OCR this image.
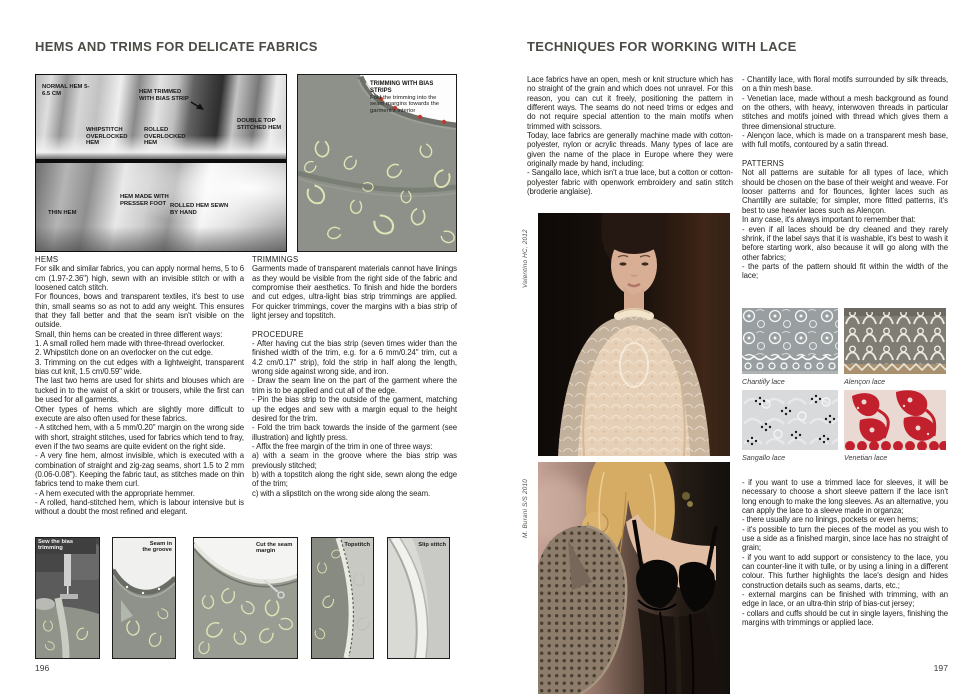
HEMS AND TRIMS FOR DELICATE FABRICS
NORMAL HEM 5-6.5 CM	HEM TRIMMED WITH BIAS STRIP
WHIPSTITCH OVERLOCKED HEM
ROLLED OVERLOCKED HEM
DOUBLE TOP STITCHED HEM
THIN HEM
HEM MADE WITH PRESSER FOOT ROLLED HEM SEWN BY HAND
TRIMMING WITH BIAS STRIPS
Fold the trimming into the seam margins towards the garment's interior
HEMS

For silk and similar fabrics, you can apply normal hems, 5 to 6 cm (1.97-2.36") high, sewn with an invisible stitch or with a loosened catch stitch.

For flounces, bows and transparent textiles, it's best to use thin, small seams so as not to add any weight. This ensures that they fall better and that the seam isn't visible on the outside.

Small, thin hems can be created in three different ways:

1. A small rolled hem made with three-thread overlocker.

2. Whipstitch done on an overlocker on the cut edge.

3. Trimming on the cut edges with a lightweight, transparent bias cut knit, 1.5 cm/0.59" wide.

The last two hems are used for shirts and blouses which are tucked in to the waist of a skirt or trousers, while the first can be used for all garments.

Other types of hems which are slightly more difficult to execute are also often used for these fabrics.

- A stitched hem, with a 5 mm/0.20" margin on the wrong side with short, straight stitches, used for fabrics which tend to fray, even if the two seams are quite evident on the right side.

- A very fine hem, almost invisible, which is executed with a combination of straight and zig-zag seams, short 1.5 to 2 mm (0.06-0.08"). Keeping the fabric taut, as stitches made on thin fabrics tend to make them curl.

- A hem executed with the appropriate hemmer.

- A rolled, hand-stitched hem, which is labour intensive but is without a doubt the most refined and elegant.

TRIMMINGS

Garments made of transparent materials cannot have linings as they would be visible from the right side of the fabric and compromise their aesthetics. To finish and hide the borders and cut edges, ultra-light bias strip trimmings are applied. For quicker trimmings, cover the margins with a bias strip of light jersey and topstitch.

PROCEDURE

- After having cut the bias strip (seven times wider than the finished width of the trim, e.g. for a 6 mm/0.24" trim, cut a 4.2 cm/0.17" strip), fold the strip in half along the length, wrong side against wrong side, and iron.

- Draw the seam line on the part of the garment where the trim is to be applied and cut all of the edge.

- Pin the bias strip to the outside of the garment, matching up the edges and sew with a margin equal to the height desired for the trim.

- Fold the trim back towards the inside of the garment (see illustration) and lightly press.

- Affix the free margin of the trim in one of three ways:

a) with a seam in the groove where the bias strip was previously stitched;

b) with a topstitch along the right side, sewn along the edge of the trim;

c) with a slipstitch on the wrong side along the seam.

Sew the bias trimming
Seam in the groove
Cut the seam margin
Topstitch	Slip stitch
196
TECHNIQUES FOR WORKING WITH LACE

Lace fabrics have an open, mesh or knit structure which has no straight of the grain and which does not unravel. For this reason, you can cut it freely, positioning the pattern in different ways. The seams do not need trims or edges and do not require special attention to the main motifs when trimmed with scissors.

Today, lace fabrics are generally machine made with cotton-polyester, nylon or acrylic threads. Many types of lace are given the name of the place in Europe where they were originally made by hand, including:

- Sangallo lace, which isn't a true lace, but a cotton or cotton-polyester fabric with openwork embroidery and satin stitch (broderie anglaise).

Valentino HC, 2012
M. Burani S/S 2010

- Chantilly lace, with floral motifs surrounded by silk threads, on a thin mesh base.

- Venetian lace, made without a mesh background as found on the others, with heavy, interwoven threads in particular stitches and motifs joined with thread which gives them a three dimensional structure.

- Alençon lace, which is made on a transparent mesh base, with full motifs, contoured by a satin thread.

PATTERNS

Not all patterns are suitable for all types of lace, which should be chosen on the base of their weight and weave. For looser patterns and for flounces, lighter laces such as Chantilly are suitable; for simpler, more fitted patterns, it's best to use heavier laces such as Alençon.

In any case, it's always important to remember that:

- even if all laces should be dry cleaned and they rarely shrink, if the label says that it is washable, it's best to wash it before starting work, also because it will go along with the other fabrics;

- the parts of the pattern should fit within the width of the lace;

Chantilly lace	Alençon lace
Sangallo lace	Venetian lace

- if you want to use a trimmed lace for sleeves, it will be necessary to choose a short sleeve pattern if the lace isn't long enough to make the long sleeves. As an alternative, you can apply the lace to a sleeve made in organza;

- there usually are no linings, pockets or even hems;

- it's possible to turn the pieces of the model as you wish to use a side as a finished margin, since lace has no straight of grain;

- if you want to add support or consistency to the lace, you can counter-line it with tulle, or by using a lining in a different colour. This further highlights the lace's design and hides construction details such as seams, darts, etc.;

- external margins can be finished with trimming, with an edge in lace, or an ultra-thin strip of bias-cut jersey;

- collars and cuffs should be cut in single layers, finishing the margins with trimmings or applied lace.

197
